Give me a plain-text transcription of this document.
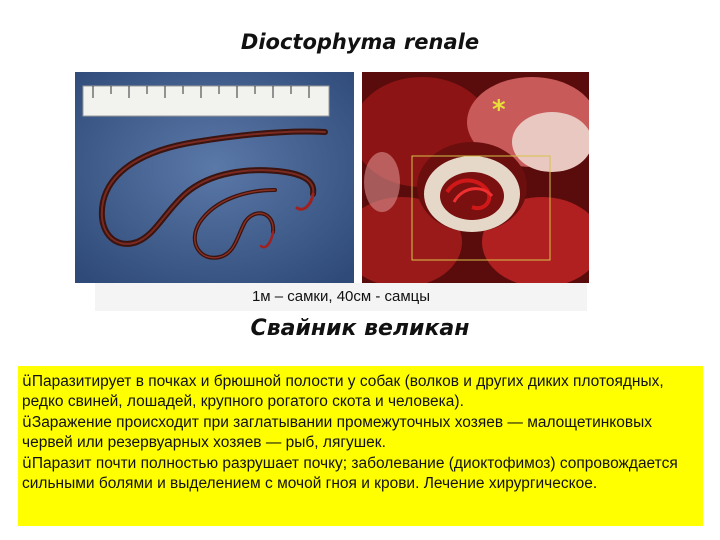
Dioctophyma renale
*
1м – самки, 40см - самцы
Свайник великан

üПаразитирует в почках и брюшной полости у собак (волков и других диких плотоядных, редко свиней, лошадей, крупного рогатого скота и человека).

üЗаражение происходит при заглатывании промежуточных хозяев — малощетинковых червей или резервуарных хозяев — рыб, лягушек.

üПаразит почти полностью разрушает почку; заболевание (диоктофимоз) сопровождается сильными болями и выделением с мочой гноя и крови. Лечение хирургическое.
